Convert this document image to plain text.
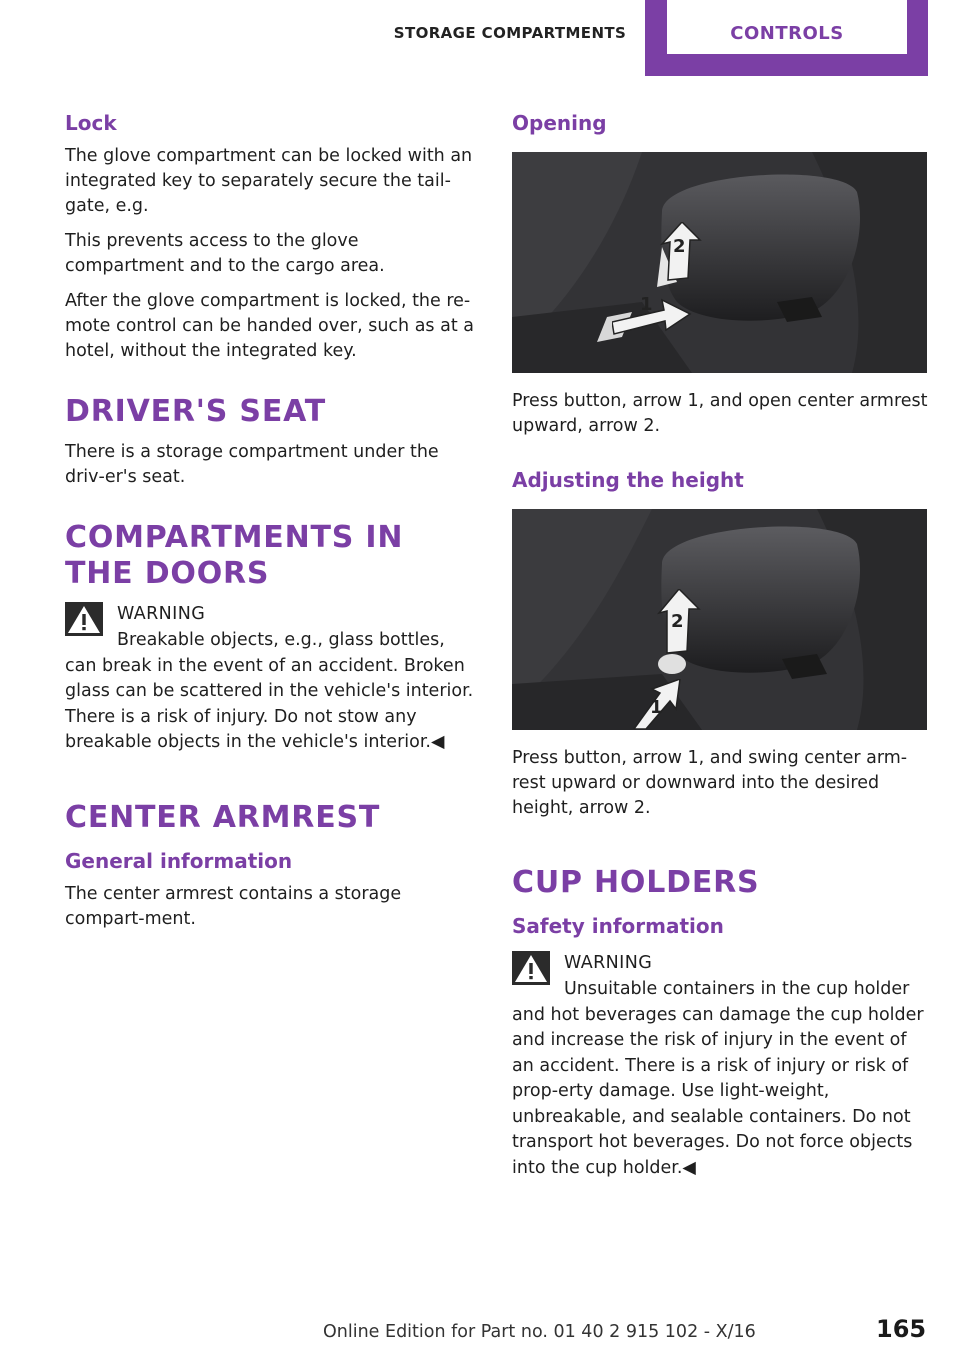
STORAGE COMPARTMENTS	CONTROLS
Lock

The glove compartment can be locked with an integrated key to separately secure the tail‐gate, e.g.

This prevents access to the glove compartment and to the cargo area.

After the glove compartment is locked, the re‐mote control can be handed over, such as at a hotel, without the integrated key.

DRIVER'S SEAT

There is a storage compartment under the driv‐er's seat.

COMPARTMENTS IN THE DOORS
WARNING

Breakable objects, e.g., glass bottles, can break in the event of an accident. Broken glass can be scattered in the vehicle's interior. There is a risk of injury. Do not stow any breakable objects in the vehicle's interior.◀

CENTER ARMREST
General information

The center armrest contains a storage compart‐ment.

Opening
1
2

Press button, arrow 1, and open center armrest upward, arrow 2.

Adjusting the height
1
2

Press button, arrow 1, and swing center arm‐rest upward or downward into the desired height, arrow 2.

CUP HOLDERS
Safety information
WARNING

Unsuitable containers in the cup holder and hot beverages can damage the cup holder and increase the risk of injury in the event of an accident. There is a risk of injury or risk of prop‐erty damage. Use light-weight, unbreakable, and sealable containers. Do not transport hot beverages. Do not force objects into the cup holder.◀

Online Edition for Part no. 01 40 2 915 102 - X/16	165
